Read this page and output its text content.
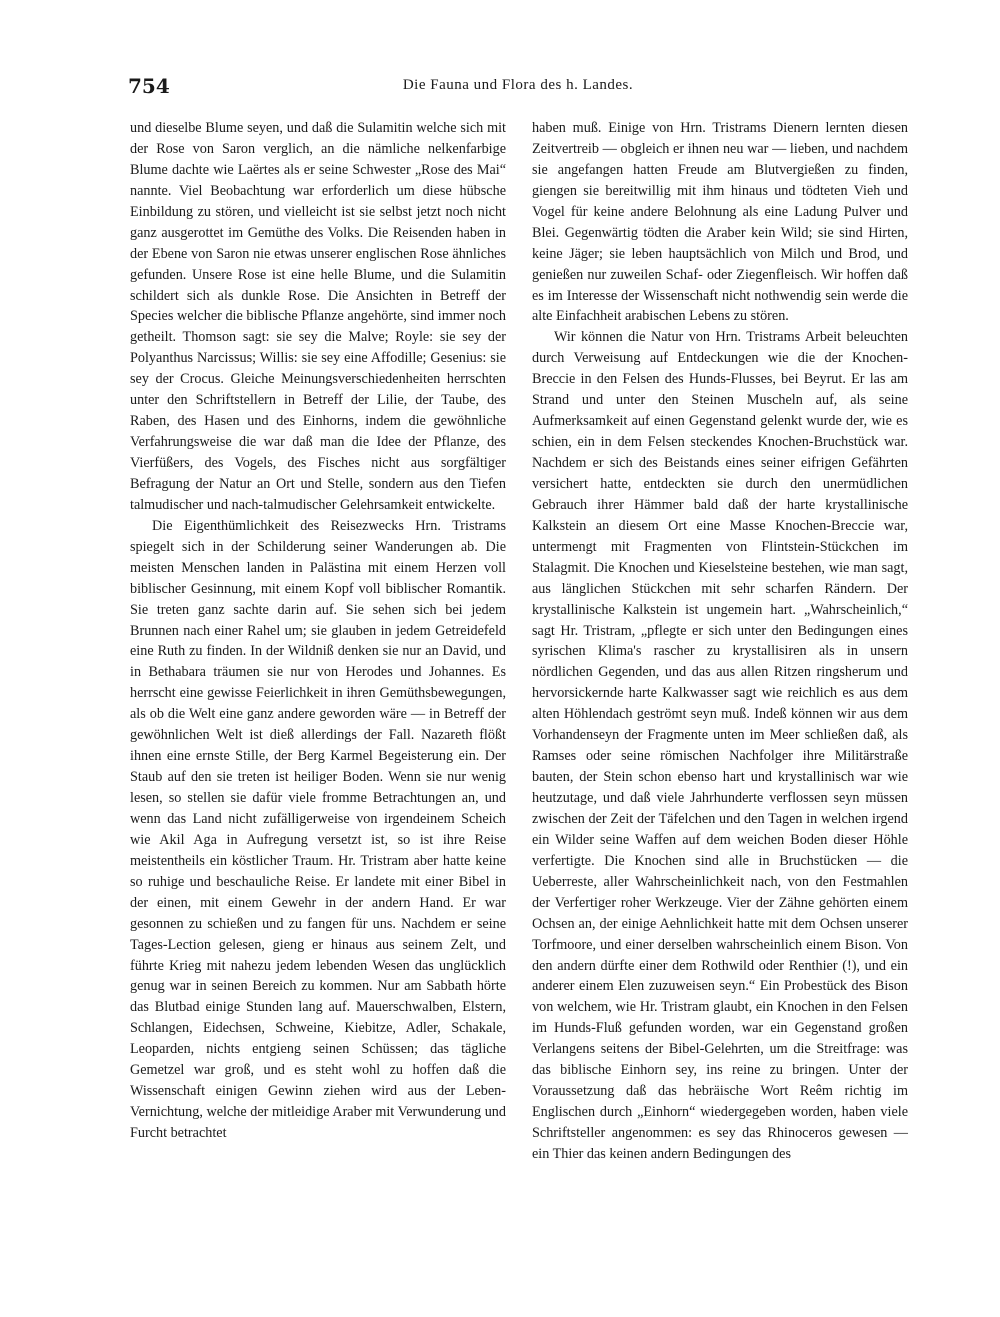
754	Die Fauna und Flora des h. Landes.

und dieselbe Blume seyen, und daß die Sulamitin welche sich mit der Rose von Saron verglich, an die nämliche nelkenfarbige Blume dachte wie Laërtes als er seine Schwester „Rose des Mai“ nannte. Viel Beobachtung war erforderlich um diese hübsche Einbildung zu stören, und vielleicht ist sie selbst jetzt noch nicht ganz ausgerottet im Gemüthe des Volks. Die Reisenden haben in der Ebene von Saron nie etwas unserer englischen Rose ähnliches gefunden. Unsere Rose ist eine helle Blume, und die Sulamitin schildert sich als dunkle Rose. Die Ansichten in Betreff der Species welcher die biblische Pflanze angehörte, sind immer noch getheilt. Thomson sagt: sie sey die Malve; Royle: sie sey der Polyanthus Narcissus; Willis: sie sey eine Affodille; Gesenius: sie sey der Crocus. Gleiche Meinungsverschiedenheiten herrschten unter den Schriftstellern in Betreff der Lilie, der Taube, des Raben, des Hasen und des Einhorns, indem die gewöhnliche Verfahrungsweise die war daß man die Idee der Pflanze, des Vierfüßers, des Vogels, des Fisches nicht aus sorgfältiger Befragung der Natur an Ort und Stelle, sondern aus den Tiefen talmudischer und nach-talmudischer Gelehrsamkeit entwickelte.

Die Eigenthümlichkeit des Reisezwecks Hrn. Tristrams spiegelt sich in der Schilderung seiner Wanderungen ab. Die meisten Menschen landen in Palästina mit einem Herzen voll biblischer Gesinnung, mit einem Kopf voll biblischer Romantik. Sie treten ganz sachte darin auf. Sie sehen sich bei jedem Brunnen nach einer Rahel um; sie glauben in jedem Getreidefeld eine Ruth zu finden. In der Wildniß denken sie nur an David, und in Bethabara träumen sie nur von Herodes und Johannes. Es herrscht eine gewisse Feierlichkeit in ihren Gemüthsbewegungen, als ob die Welt eine ganz andere geworden wäre — in Betreff der gewöhnlichen Welt ist dieß allerdings der Fall. Nazareth flößt ihnen eine ernste Stille, der Berg Karmel Begeisterung ein. Der Staub auf den sie treten ist heiliger Boden. Wenn sie nur wenig lesen, so stellen sie dafür viele fromme Betrachtungen an, und wenn das Land nicht zufälligerweise von irgendeinem Scheich wie Akil Aga in Aufregung versetzt ist, so ist ihre Reise meistentheils ein köstlicher Traum. Hr. Tristram aber hatte keine so ruhige und beschauliche Reise. Er landete mit einer Bibel in der einen, mit einem Gewehr in der andern Hand. Er war gesonnen zu schießen und zu fangen für uns. Nachdem er seine Tages-Lection gelesen, gieng er hinaus aus seinem Zelt, und führte Krieg mit nahezu jedem lebenden Wesen das unglücklich genug war in seinen Bereich zu kommen. Nur am Sabbath hörte das Blutbad einige Stunden lang auf. Mauerschwalben, Elstern, Schlangen, Eidechsen, Schweine, Kiebitze, Adler, Schakale, Leoparden, nichts entgieng seinen Schüssen; das tägliche Gemetzel war groß, und es steht wohl zu hoffen daß die Wissenschaft einigen Gewinn ziehen wird aus der Leben-Vernichtung, welche der mitleidige Araber mit Verwunderung und Furcht betrachtet

haben muß. Einige von Hrn. Tristrams Dienern lernten diesen Zeitvertreib — obgleich er ihnen neu war — lieben, und nachdem sie angefangen hatten Freude am Blutvergießen zu finden, giengen sie bereitwillig mit ihm hinaus und tödteten Vieh und Vogel für keine andere Belohnung als eine Ladung Pulver und Blei. Gegenwärtig tödten die Araber kein Wild; sie sind Hirten, keine Jäger; sie leben hauptsächlich von Milch und Brod, und genießen nur zuweilen Schaf- oder Ziegenfleisch. Wir hoffen daß es im Interesse der Wissenschaft nicht nothwendig sein werde die alte Einfachheit arabischen Lebens zu stören.

Wir können die Natur von Hrn. Tristrams Arbeit beleuchten durch Verweisung auf Entdeckungen wie die der Knochen-Breccie in den Felsen des Hunds-Flusses, bei Beyrut. Er las am Strand und unter den Steinen Muscheln auf, als seine Aufmerksamkeit auf einen Gegenstand gelenkt wurde der, wie es schien, ein in dem Felsen steckendes Knochen-Bruchstück war. Nachdem er sich des Beistands eines seiner eifrigen Gefährten versichert hatte, entdeckten sie durch den unermüdlichen Gebrauch ihrer Hämmer bald daß der harte krystallinische Kalkstein an diesem Ort eine Masse Knochen-Breccie war, untermengt mit Fragmenten von Flintstein-Stückchen im Stalagmit. Die Knochen und Kieselsteine bestehen, wie man sagt, aus länglichen Stückchen mit sehr scharfen Rändern. Der krystallinische Kalkstein ist ungemein hart. „Wahrscheinlich,“ sagt Hr. Tristram, „pflegte er sich unter den Bedingungen eines syrischen Klima's rascher zu krystallisiren als in unsern nördlichen Gegenden, und das aus allen Ritzen ringsherum und hervorsickernde harte Kalkwasser sagt wie reichlich es aus dem alten Höhlendach geströmt seyn muß. Indeß können wir aus dem Vorhandenseyn der Fragmente unten im Meer schließen daß, als Ramses oder seine römischen Nachfolger ihre Militärstraße bauten, der Stein schon ebenso hart und krystallinisch war wie heutzutage, und daß viele Jahrhunderte verflossen seyn müssen zwischen der Zeit der Täfelchen und den Tagen in welchen irgend ein Wilder seine Waffen auf dem weichen Boden dieser Höhle verfertigte. Die Knochen sind alle in Bruchstücken — die Ueberreste, aller Wahrscheinlichkeit nach, von den Festmahlen der Verfertiger roher Werkzeuge. Vier der Zähne gehörten einem Ochsen an, der einige Aehnlichkeit hatte mit dem Ochsen unserer Torfmoore, und einer derselben wahrscheinlich einem Bison. Von den andern dürfte einer dem Rothwild oder Renthier (!), und ein anderer einem Elen zuzuweisen seyn.“ Ein Probestück des Bison von welchem, wie Hr. Tristram glaubt, ein Knochen in den Felsen im Hunds-Fluß gefunden worden, war ein Gegenstand großen Verlangens seitens der Bibel-Gelehrten, um die Streitfrage: was das biblische Einhorn sey, ins reine zu bringen. Unter der Voraussetzung daß das hebräische Wort Reêm richtig im Englischen durch „Einhorn“ wiedergegeben worden, haben viele Schriftsteller angenommen: es sey das Rhinoceros gewesen — ein Thier das keinen andern Bedingungen des
